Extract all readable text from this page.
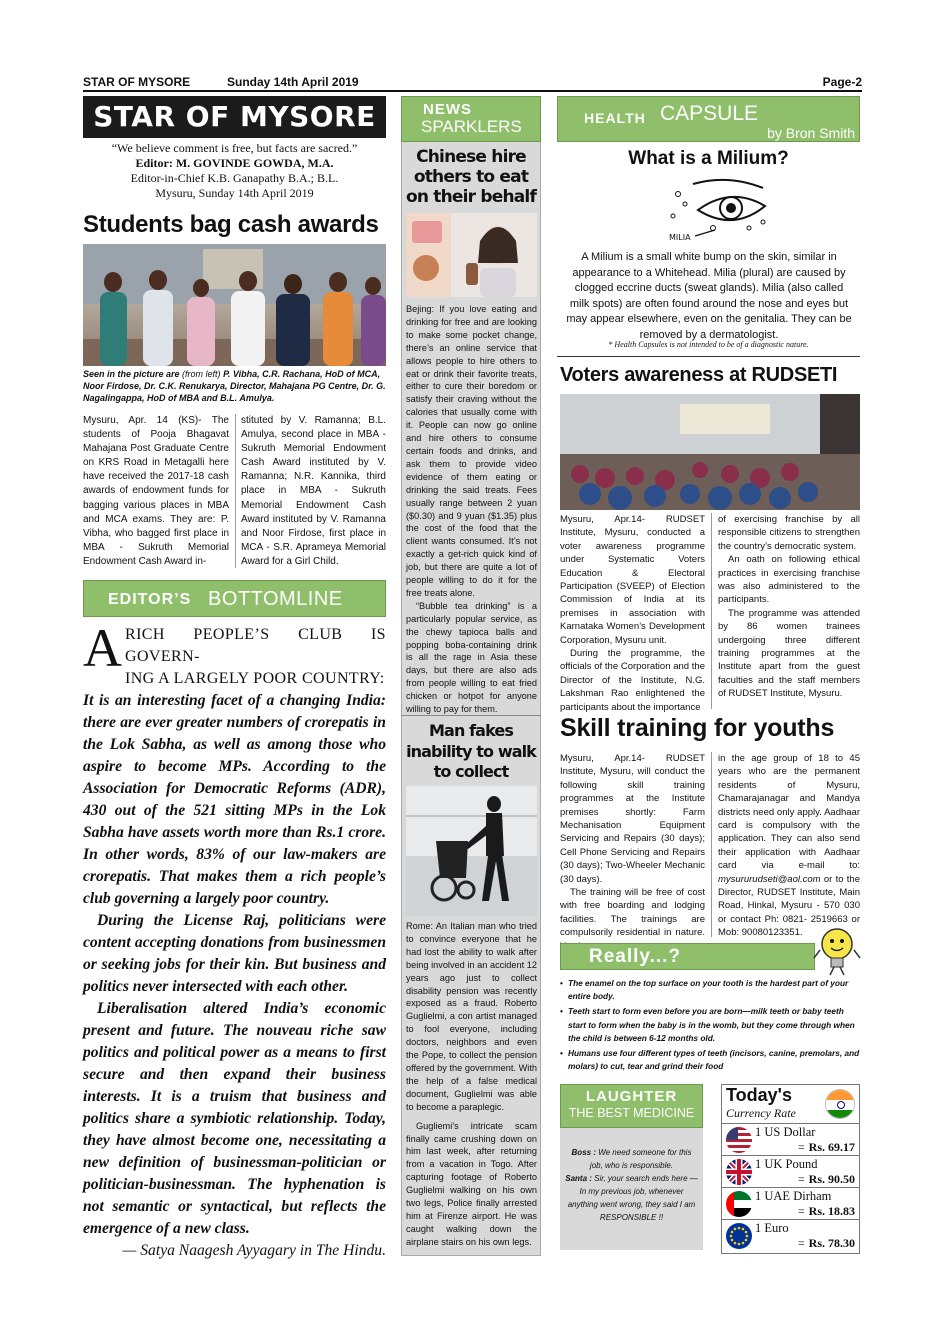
STAR OF MYSORE	Sunday 14th April 2019	Page-2
STAR OF MYSORE
“We believe comment is free, but facts are sacred.”
Editor: M. GOVINDE GOWDA, M.A.
Editor-in-Chief K.B. Ganapathy B.A.; B.L.
Mysuru, Sunday 14th April 2019
Students bag cash awards
Seen in the picture are (from left) P. Vibha, C.R. Rachana, HoD of MCA, Noor Firdose, Dr. C.K. Renukarya, Director, Mahajana PG Centre, Dr. G. Nagalingappa, HoD of MBA and B.L. Amulya.
Mysuru, Apr. 14 (KS)- The students of Pooja Bhagavat Mahajana Post Graduate Centre on KRS Road in Metagalli here have received the 2017-18 cash awards of endowment funds for bagging various places in MBA and MCA exams. They are: P. Vibha, who bagged first place in MBA - Sukruth Memorial Endowment Cash Award in-
stituted by V. Ramanna; B.L. Amulya, second place in MBA - Sukruth Memorial Endowment Cash Award instituted by V. Ramanna; N.R. Kannika, third place in MBA - Sukruth Memorial Endowment Cash Award instituted by V. Ramanna and Noor Firdose, first place in MCA - S.R. Aprameya Memorial Award for a Girl Child.
EDITOR’S BOTTOMLINE
A RICH PEOPLE’S CLUB IS GOVERN-
ING A LARGELY POOR COUNTRY:

It is an interesting facet of a changing India: there are ever greater numbers of crorepatis in the Lok Sabha, as well as among those who aspire to become MPs. According to the Association for Democratic Reforms (ADR), 430 out of the 521 sitting MPs in the Lok Sabha have assets worth more than Rs.1 crore. In other words, 83% of our law-makers are crorepatis. That makes them a rich people’s club governing a largely poor country.

During the License Raj, politicians were content accepting donations from businessmen or seeking jobs for their kin. But business and politics never intersected with each other.

Liberalisation altered India’s economic present and future. The nouveau riche saw politics and political power as a means to first secure and then expand their business interests. It is a truism that business and politics share a symbiotic relationship. Today, they have almost become one, necessitating a new definition of businessman-politician or politician-businessman. The hyphenation is not semantic or syntactical, but reflects the emergence of a new class.

— Satya Naagesh Ayyagary in The Hindu.
NEWS
SPARKLERS
Chinese hire others to eat on their behalf

Bejing: If you love eating and drinking for free and are looking to make some pocket change, there’s an online service that allows people to hire others to eat or drink their favorite treats, either to cure their boredom or satisfy their craving without the calories that usually come with it. People can now go online and hire others to consume certain foods and drinks, and ask them to provide video evidence of them eating or drinking the said treats. Fees usually range between 2 yuan ($0.30) and 9 yuan ($1.35) plus the cost of the food that the client wants consumed. It’s not exactly a get-rich quick kind of job, but there are quite a lot of people willing to do it for the free treats alone.

“Bubble tea drinking” is a particularly popular service, as the chewy tapioca balls and popping boba-containing drink is all the rage in Asia these days, but there are also ads from people willing to eat fried chicken or hotpot for anyone willing to pay for them.

Man fakes inability to walk to collect

Rome: An Italian man who tried to convince everyone that he had lost the ability to walk after being involved in an accident 12 years ago just to collect disability pension was recently exposed as a fraud. Roberto Guglielmi, a con artist managed to fool everyone, including doctors, neighbors and even the Pope, to collect the pension offered by the government. With the help of a false medical document, Guglielmi was able to become a paraplegic.

Gugliemi’s intricate scam finally came crushing down on him last week, after returning from a vacation in Togo. After capturing footage of Roberto Guglielmi walking on his own two legs, Police finally arrested him at Firenze airport. He was caught walking down the airplane stairs on his own legs.

HEALTH CAPSULE
by Bron Smith
What is a Milium?
MILIA
A Milium is a small white bump on the skin, similar in appearance to a Whitehead. Milia (plural) are caused by clogged eccrine ducts (sweat glands). Milia (also called milk spots) are often found around the nose and eyes but may appear elsewhere, even on the genitalia. They can be removed by a dermatologist.
* Health Capsules is not intended to be of a diagnostic nature.
Voters awareness at RUDSETI

Mysuru, Apr.14- RUDSET Institute, Mysuru, conducted a voter awareness programme under Systematic Voters Education & Electoral Participation (SVEEP) of Election Commission of India at its premises in association with Karnataka Women’s Development Corporation, Mysuru unit.

During the programme, the officials of the Corporation and the Director of the Institute, N.G. Lakshman Rao enlightened the participants about the importance

of exercising franchise by all responsible citizens to strengthen the country’s democratic system.

An oath on following ethical practices in exercising franchise was also administered to the participants.

The programme was attended by 86 women trainees undergoing three different training programmes at the Institute apart from the guest faculties and the staff members of RUDSET Institute, Mysuru.

Skill training for youths

Mysuru, Apr.14- RUDSET Institute, Mysuru, will conduct the following skill training programmes at the Institute premises shortly: Farm Mechanisation Equipment Servicing and Repairs (30 days); Cell Phone Servicing and Repairs (30 days); Two-Wheeler Mechanic (30 days).

The training will be free of cost with free boarding and lodging facilities. The trainings are compulsorily residential in nature.

in the age group of 18 to 45 years who are the permanent residents of Mysuru, Chamarajanagar and Mandya districts need only apply. Aadhaar card is compulsory with the application. They can also send their application with Aadhaar card via e-mail to: mysururudseti@aol.com or to the Director, RUDSET Institute, Main Road, Hinkal, Mysuru - 570 030 or contact Ph: 0821- 2519663 or Mob: 90080123351.
Really...?
• The enamel on the top surface on your tooth is the hardest part of your entire body.
• Teeth start to form even before you are born—milk teeth or baby teeth start to form when the baby is in the womb, but they come through when the child is between 6-12 months old.
• Humans use four different types of teeth (incisors, canine, premolars, and molars) to cut, tear and grind their food
LAUGHTER
THE BEST MEDICINE
Boss : We need someone for this job, who is responsible.
Santa : Sir, your search ends here — In my previous job, whenever anything went wrong, they said I am RESPONSIBLE !!
Today's
Currency Rate
1 US Dollar
= Rs. 69.17
1 UK Pound
= Rs. 90.50
1 UAE Dirham
= Rs. 18.83
1 Euro
= Rs. 78.30
